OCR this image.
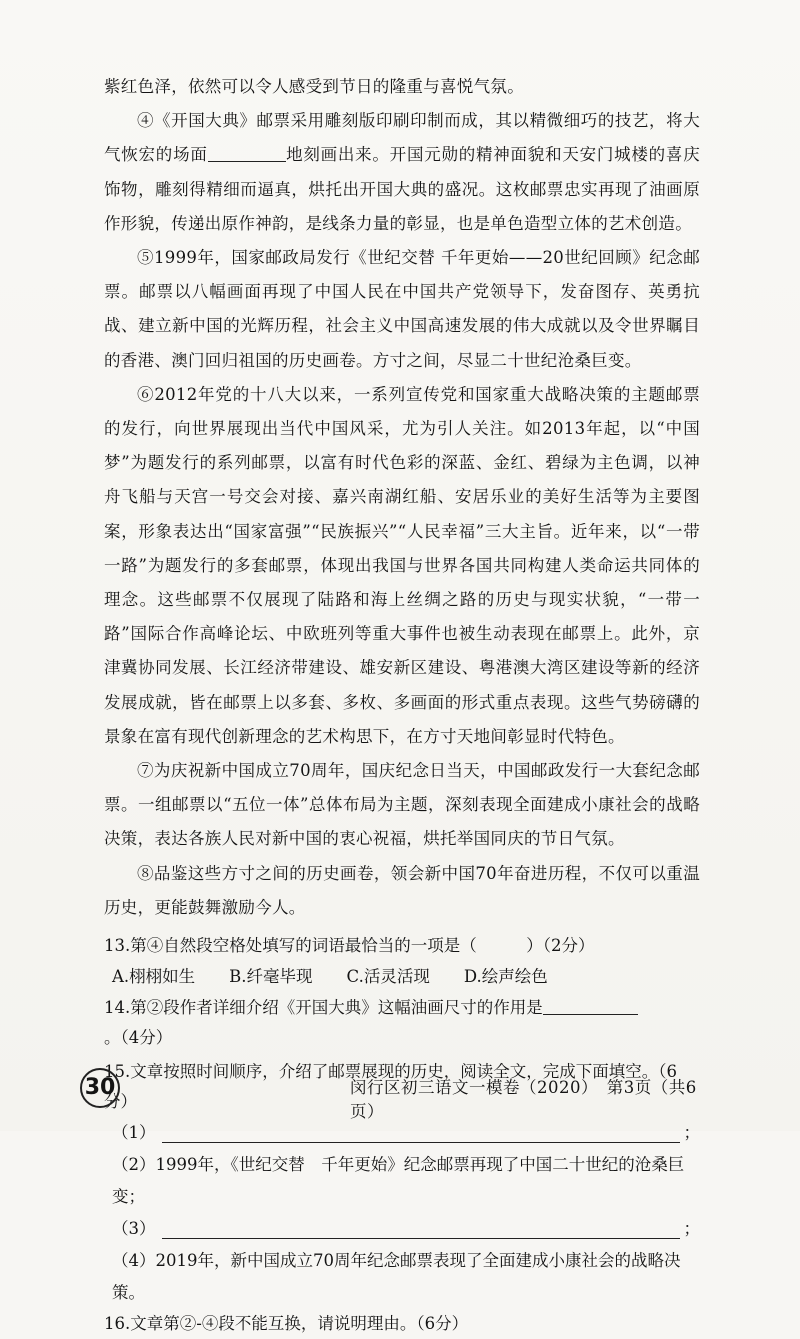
紫红色泽，依然可以令人感受到节日的隆重与喜悦气氛。

④《开国大典》邮票采用雕刻版印刷印制而成，其以精微细巧的技艺，将大气恢宏的场面	地刻画出来。开国元勋的精神面貌和天安门城楼的喜庆饰物，雕刻得精细而逼真，烘托出开国大典的盛况。这枚邮票忠实再现了油画原作形貌，传递出原作神韵，是线条力量的彰显，也是单色造型立体的艺术创造。

⑤1999年，国家邮政局发行《世纪交替 千年更始——20世纪回顾》纪念邮票。邮票以八幅画面再现了中国人民在中国共产党领导下，发奋图存、英勇抗战、建立新中国的光辉历程，社会主义中国高速发展的伟大成就以及令世界瞩目的香港、澳门回归祖国的历史画卷。方寸之间，尽显二十世纪沧桑巨变。

⑥2012年党的十八大以来，一系列宣传党和国家重大战略决策的主题邮票的发行，向世界展现出当代中国风采，尤为引人关注。如2013年起，以“中国梦”为题发行的系列邮票，以富有时代色彩的深蓝、金红、碧绿为主色调，以神舟飞船与天宫一号交会对接、嘉兴南湖红船、安居乐业的美好生活等为主要图案，形象表达出“国家富强”“民族振兴”“人民幸福”三大主旨。近年来，以“一带一路”为题发行的多套邮票，体现出我国与世界各国共同构建人类命运共同体的理念。这些邮票不仅展现了陆路和海上丝绸之路的历史与现实状貌，“一带一路”国际合作高峰论坛、中欧班列等重大事件也被生动表现在邮票上。此外，京津冀协同发展、长江经济带建设、雄安新区建设、粤港澳大湾区建设等新的经济发展成就，皆在邮票上以多套、多枚、多画面的形式重点表现。这些气势磅礴的景象在富有现代创新理念的艺术构思下，在方寸天地间彰显时代特色。

⑦为庆祝新中国成立70周年，国庆纪念日当天，中国邮政发行一大套纪念邮票。一组邮票以“五位一体”总体布局为主题，深刻表现全面建成小康社会的战略决策，表达各族人民对新中国的衷心祝福，烘托举国同庆的节日气氛。

⑧品鉴这些方寸之间的历史画卷，领会新中国70年奋进历程，不仅可以重温历史，更能鼓舞激励今人。

13.第④自然段空格处填写的词语最恰当的一项是（　　　）（2分）

A.栩栩如生 B.纤毫毕现 C.活灵活现 D.绘声绘色

14.第②段作者详细介绍《开国大典》这幅油画尺寸的作用是。（4分）

15.文章按照时间顺序，介绍了邮票展现的历史，阅读全文，完成下面填空。（6分）

（1）	；

（2）1999年，《世纪交替　千年更始》纪念邮票再现了中国二十世纪的沧桑巨变；

（3）	；

（4）2019年，新中国成立70周年纪念邮票表现了全面建成小康社会的战略决策。

16.文章第②-④段不能互换，请说明理由。（6分）

30	闵行区初三语文一模卷（2020）　第3页（共6页）
